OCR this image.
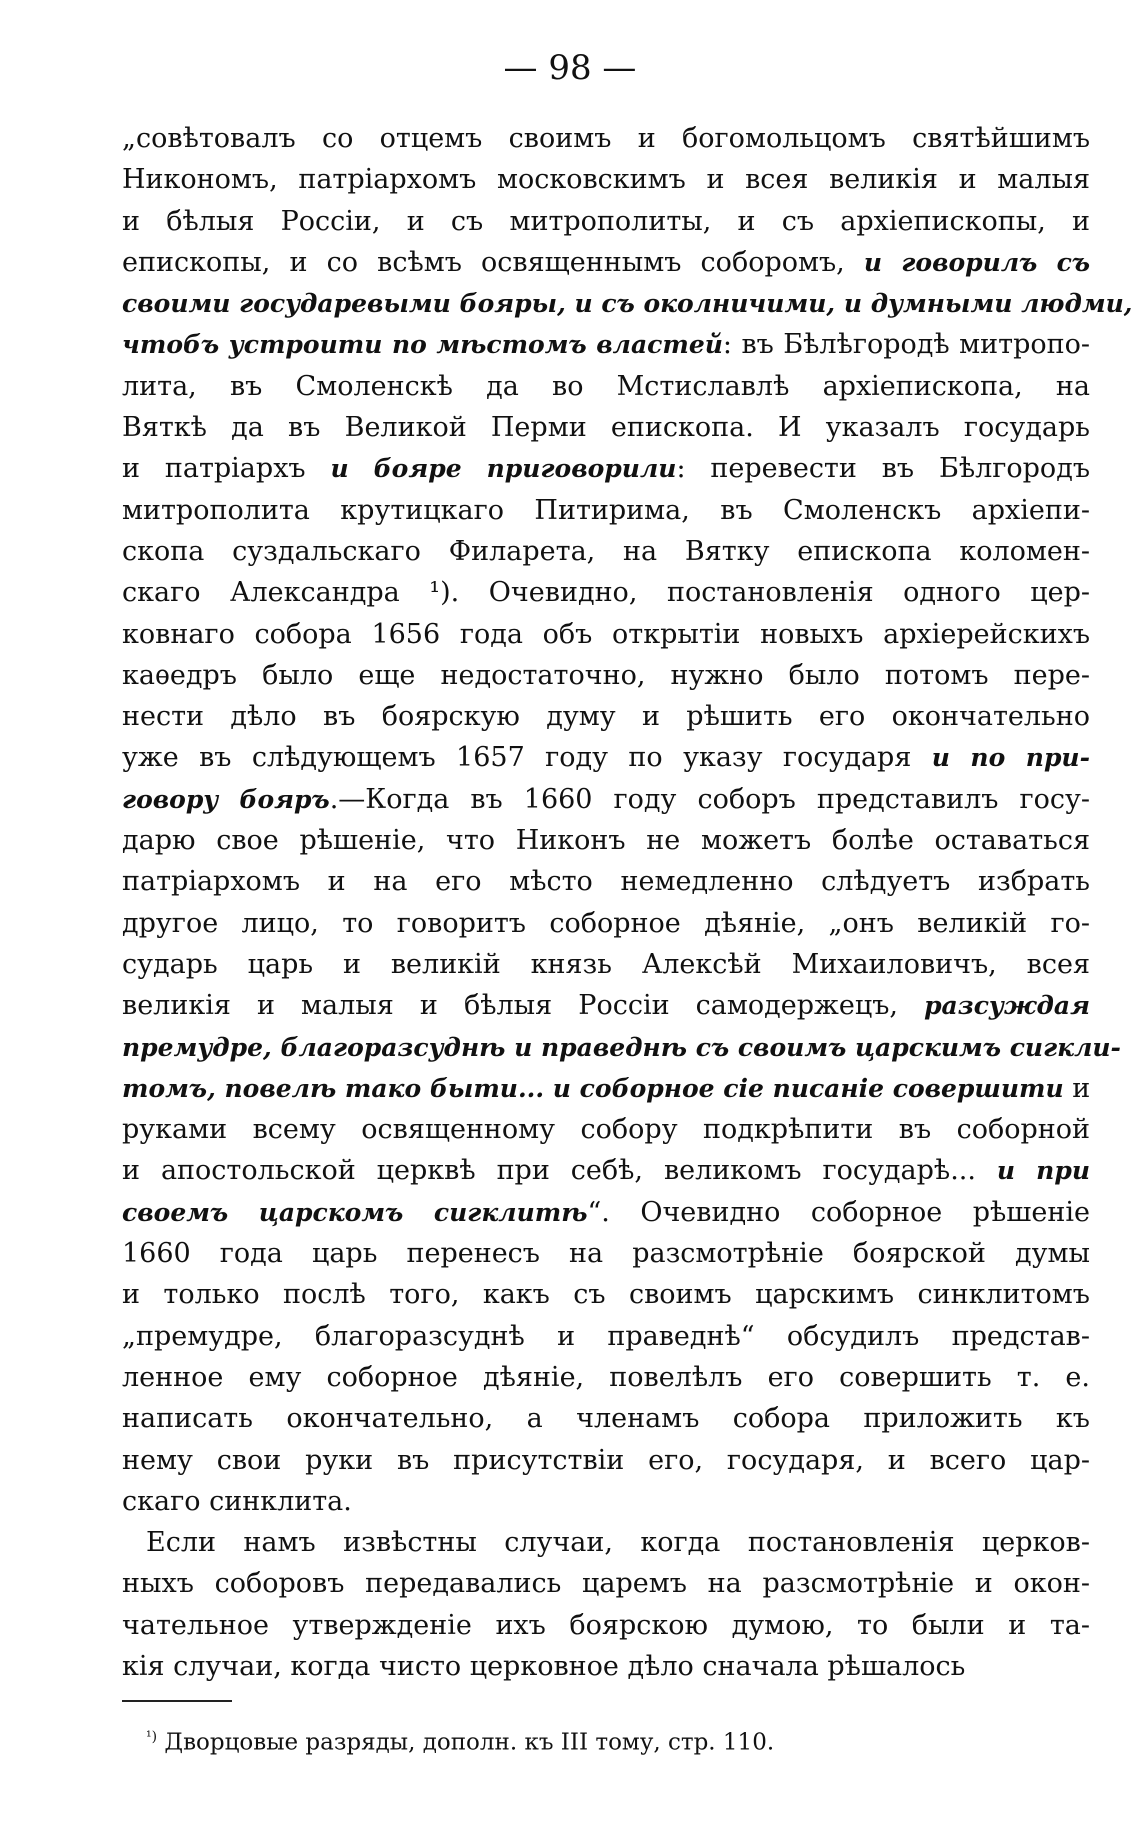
— 98 —
„совѣтовалъ со отцемъ своимъ и богомольцомъ святѣйшимъ
Никономъ, патріархомъ московскимъ и всея великія и малыя
и бѣлыя Россіи, и съ митрополиты, и съ архіепископы, и
епископы, и со всѣмъ освященнымъ соборомъ, и говорилъ съ
своими государевыми бояры, и съ околничими, и думными людми,
чтобъ устроити по мѣстомъ властей: въ Бѣлѣгородѣ митропо-
лита, въ Смоленскѣ да во Мстиславлѣ архіепископа, на
Вяткѣ да въ Великой Перми епископа. И указалъ государь
и патріархъ и бояре приговорили: перевести въ Бѣлгородъ
митрополита крутицкаго Питирима, въ Смоленскъ архіепи-
скопа суздальскаго Филарета, на Вятку епископа коломен-
скаго Александра ¹). Очевидно, постановленія одного цер-
ковнаго собора 1656 года объ открытіи новыхъ архіерейскихъ
каѳедръ было еще недостаточно, нужно было потомъ пере-
нести дѣло въ боярскую думу и рѣшить его окончательно
уже въ слѣдующемъ 1657 году по указу государя и по при-
говору бояръ.—Когда въ 1660 году соборъ представилъ госу-
дарю свое рѣшеніе, что Никонъ не можетъ болѣе оставаться
патріархомъ и на его мѣсто немедленно слѣдуетъ избрать
другое лицо, то говоритъ соборное дѣяніе, „онъ великій го-
сударь царь и великій князь Алексѣй Михаиловичъ, всея
великія и малыя и бѣлыя Россіи самодержецъ, разсуждая
премудре, благоразсуднѣ и праведнѣ съ своимъ царскимъ сигкли-
томъ, повелѣ тако быти... и соборное сіе писаніе совершити и
руками всему освященному собору подкрѣпити въ соборной
и апостольской церквѣ при себѣ, великомъ государѣ... и при
своемъ царскомъ сигклитѣ“. Очевидно соборное рѣшеніе
1660 года царь перенесъ на разсмотрѣніе боярской думы
и только послѣ того, какъ съ своимъ царскимъ синклитомъ
„премудре, благоразсуднѣ и праведнѣ“ обсудилъ представ-
ленное ему соборное дѣяніе, повелѣлъ его совершить т. е.
написать окончательно, а членамъ собора приложить къ
нему свои руки въ присутствіи его, государя, и всего цар-
скаго синклита.
Если намъ извѣстны случаи, когда постановленія церков-
ныхъ соборовъ передавались царемъ на разсмотрѣніе и окон-
чательное утвержденіе ихъ боярскою думою, то были и та-
кія случаи, когда чисто церковное дѣло сначала рѣшалось
$^{^1)}$ Дворцовые разряды, дополн. къ III тому, стр. 110.
